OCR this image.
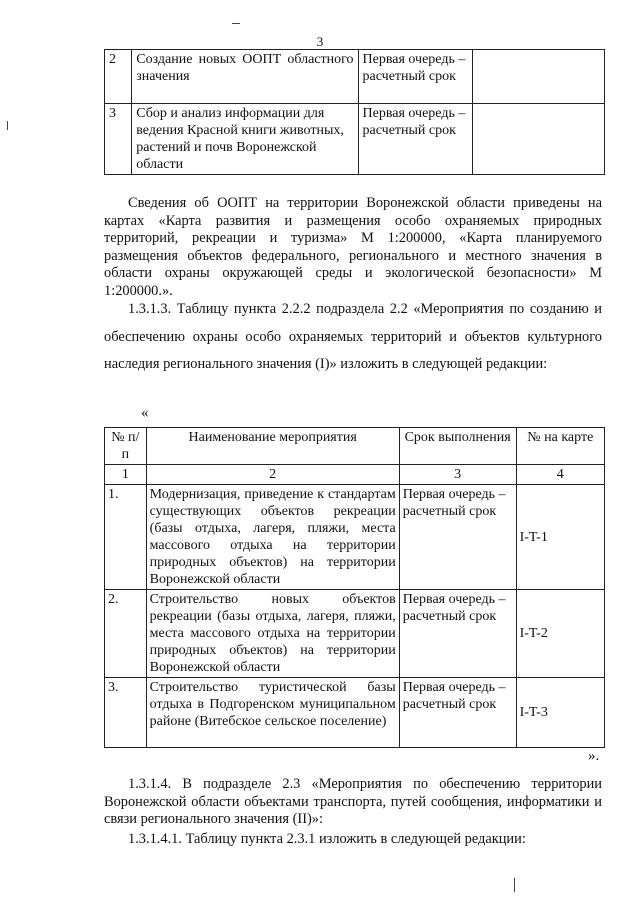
3
2	Создание новых ООПТ областного значения	Первая очередь – расчетный срок	
3	Сбор и анализ информации для ведения Красной книги животных, растений и почв Воронежской области	Первая очередь – расчетный срок	

Сведения об ООПТ на территории Воронежской области приведены на картах «Карта развития и размещения особо охраняемых природных территорий, рекреации и туризма» М 1:200000, «Карта планируемого размещения объектов федерального, регионального и местного значения в области охраны окружающей среды и экологической безопасности» М 1:200000.».

1.3.1.3. Таблицу пункта 2.2.2 подраздела 2.2 «Мероприятия по созданию и обеспечению охраны особо охраняемых территорий и объектов культурного наследия регионального значения (I)» изложить в следующей редакции:

«
№ п/п	Наименование мероприятия	Срок выполнения	№ на карте
1	2	3	4
1.	Модернизация, приведение к стандартам существующих объектов рекреации (базы отдыха, лагеря, пляжи, места массового отдыха на территории природных объектов) на территории Воронежской области	Первая очередь – расчетный срок	I-T-1
2.	Строительство новых объектов рекреации (базы отдыха, лагеря, пляжи, места массового отдыха на территории природных объектов) на территории Воронежской области	Первая очередь – расчетный срок	I-T-2
3.	Строительство туристической базы отдыха в Подгоренском муниципальном районе (Витебское сельское поселение)	Первая очередь – расчетный срок	I-T-3
».

1.3.1.4. В подразделе 2.3 «Мероприятия по обеспечению территории Воронежской области объектами транспорта, путей сообщения, информатики и связи регионального значения (II)»:

1.3.1.4.1. Таблицу пункта 2.3.1 изложить в следующей редакции:
